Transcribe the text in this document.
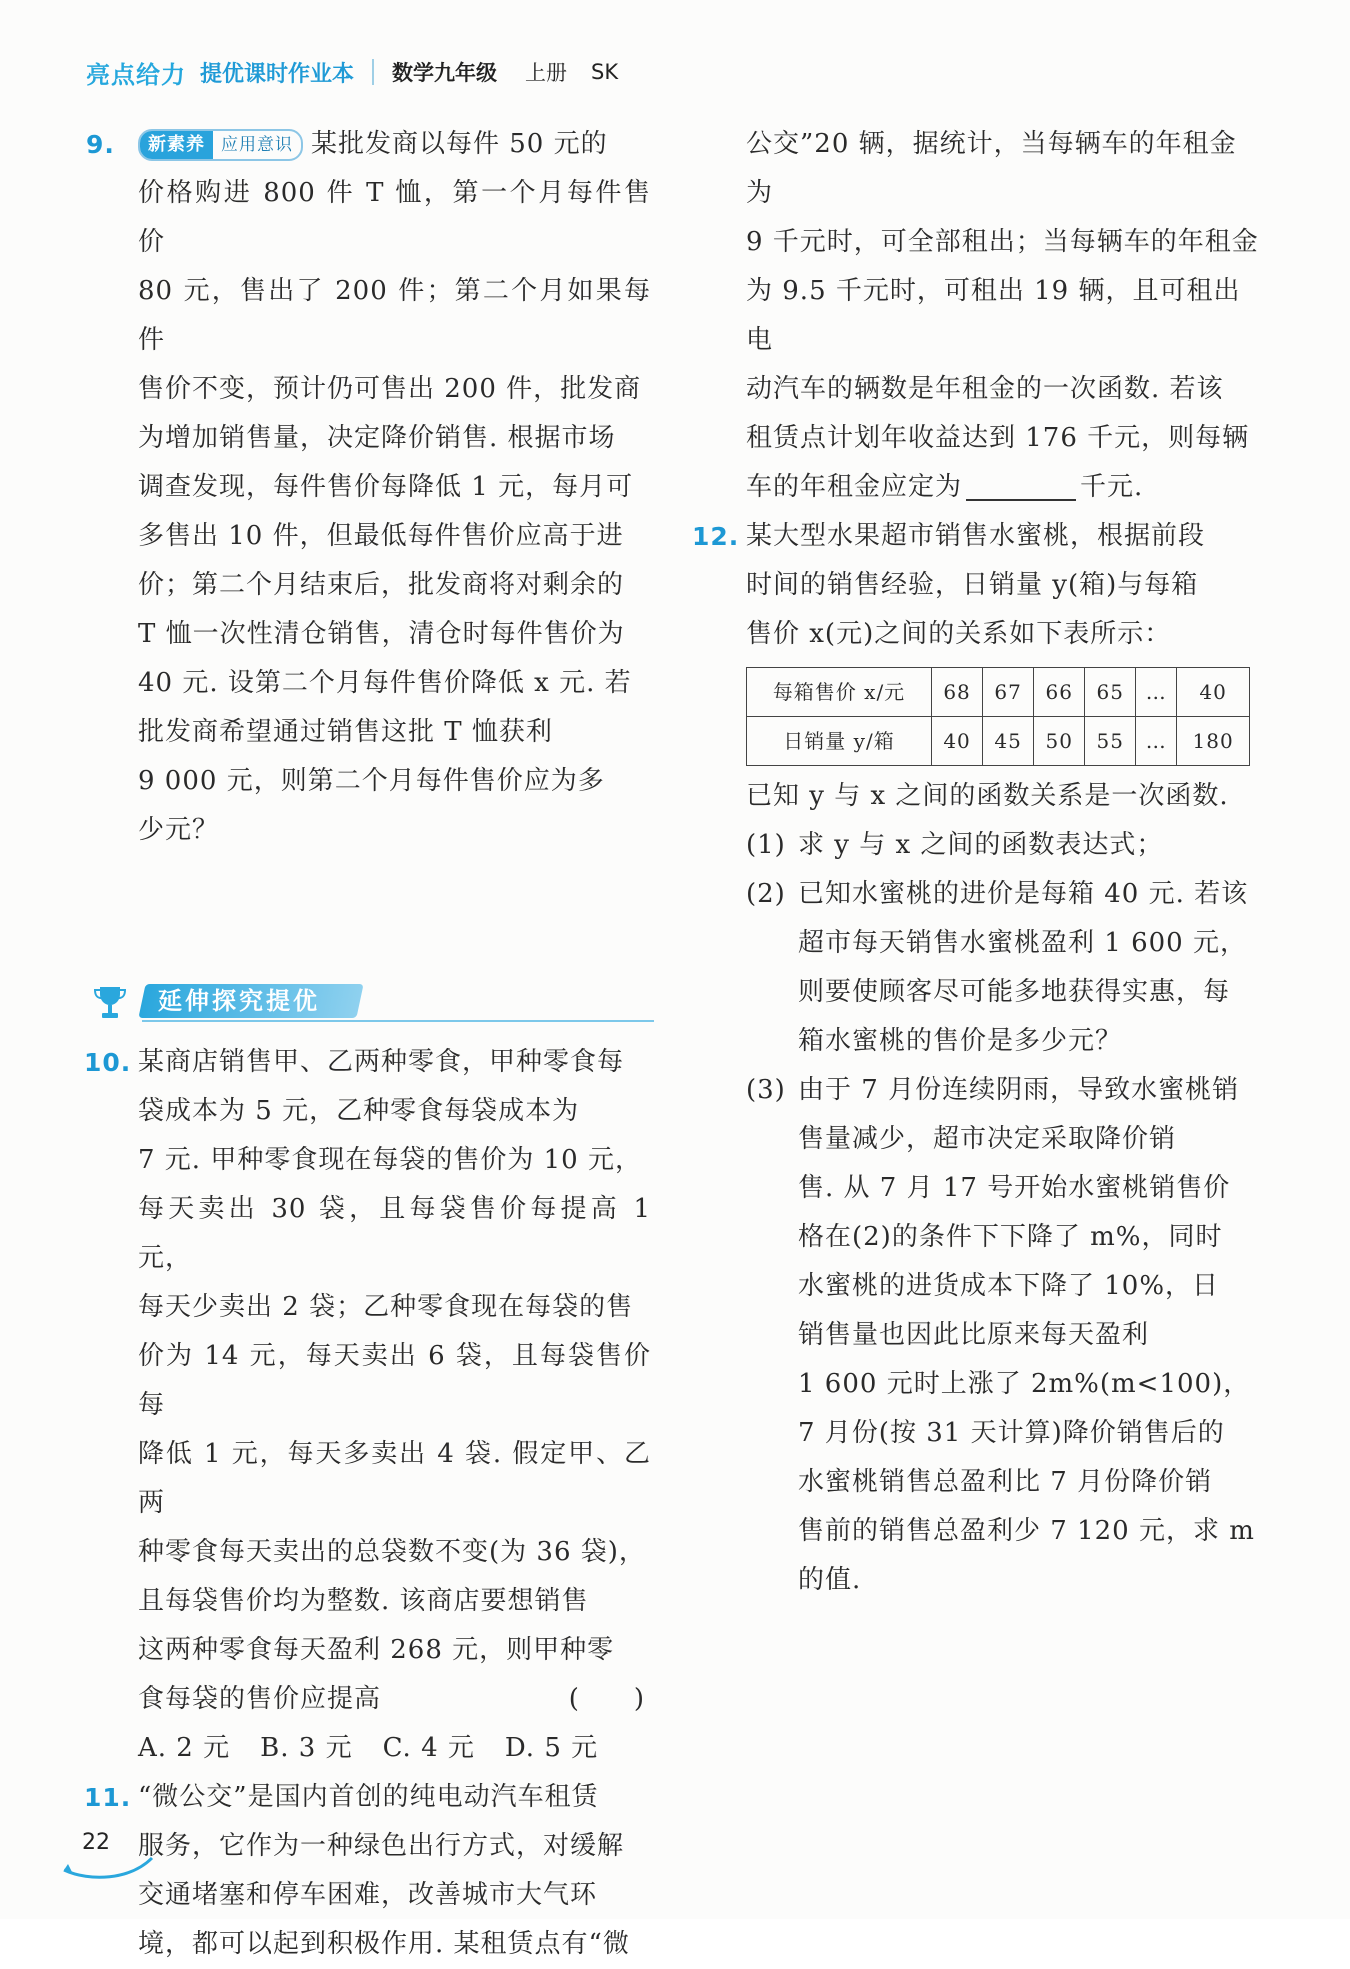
亮点给力 提优课时作业本 数学九年级 上册 SK
9.	新素养 应用意识 某批发商以每件 50 元的
价格购进 800 件 T 恤，第一个月每件售价
80 元，售出了 200 件；第二个月如果每件
售价不变，预计仍可售出 200 件，批发商
为增加销售量，决定降价销售. 根据市场
调查发现，每件售价每降低 1 元，每月可
多售出 10 件，但最低每件售价应高于进
价；第二个月结束后，批发商将对剩余的
T 恤一次性清仓销售，清仓时每件售价为
40 元. 设第二个月每件售价降低 x 元. 若
批发商希望通过销售这批 T 恤获利
9 000 元，则第二个月每件售价应为多
少元？
延伸探究提优
10. 某商店销售甲、乙两种零食，甲种零食每
袋成本为 5 元，乙种零食每袋成本为
7 元. 甲种零食现在每袋的售价为 10 元，
每天卖出 30 袋，且每袋售价每提高 1 元，
每天少卖出 2 袋；乙种零食现在每袋的售
价为 14 元，每天卖出 6 袋，且每袋售价每
降低 1 元，每天多卖出 4 袋. 假定甲、乙两
种零食每天卖出的总袋数不变(为 36 袋)，
且每袋售价均为整数. 该商店要想销售
这两种零食每天盈利 268 元，则甲种零
食每袋的售价应提高	(　　)
A. 2 元 B. 3 元 C. 4 元 D. 5 元
11. “微公交”是国内首创的纯电动汽车租赁
服务，它作为一种绿色出行方式，对缓解
交通堵塞和停车困难，改善城市大气环
境，都可以起到积极作用. 某租赁点有“微
公交”20 辆，据统计，当每辆车的年租金为
9 千元时，可全部租出；当每辆车的年租金
为 9.5 千元时，可租出 19 辆，且可租出电
动汽车的辆数是年租金的一次函数. 若该
租赁点计划年收益达到 176 千元，则每辆
车的年租金应定为	千元.
12. 某大型水果超市销售水蜜桃，根据前段
时间的销售经验，日销量 y(箱)与每箱
售价 x(元)之间的关系如下表所示：
每箱售价 x/元	68	67	66	65	…	40
日销量 y/箱	40	45	50	55	…	180
已知 y 与 x 之间的函数关系是一次函数.
(1) 求 y 与 x 之间的函数表达式；
(2) 已知水蜜桃的进价是每箱 40 元. 若该
超市每天销售水蜜桃盈利 1 600 元，
则要使顾客尽可能多地获得实惠，每
箱水蜜桃的售价是多少元？
(3) 由于 7 月份连续阴雨，导致水蜜桃销
售量减少，超市决定采取降价销
售. 从 7 月 17 号开始水蜜桃销售价
格在(2)的条件下下降了 m%，同时
水蜜桃的进货成本下降了 10%，日
销售量也因此比原来每天盈利
1 600 元时上涨了 2m%(m<100)，
7 月份(按 31 天计算)降价销售后的
水蜜桃销售总盈利比 7 月份降价销
售前的销售总盈利少 7 120 元，求 m
的值.
22
